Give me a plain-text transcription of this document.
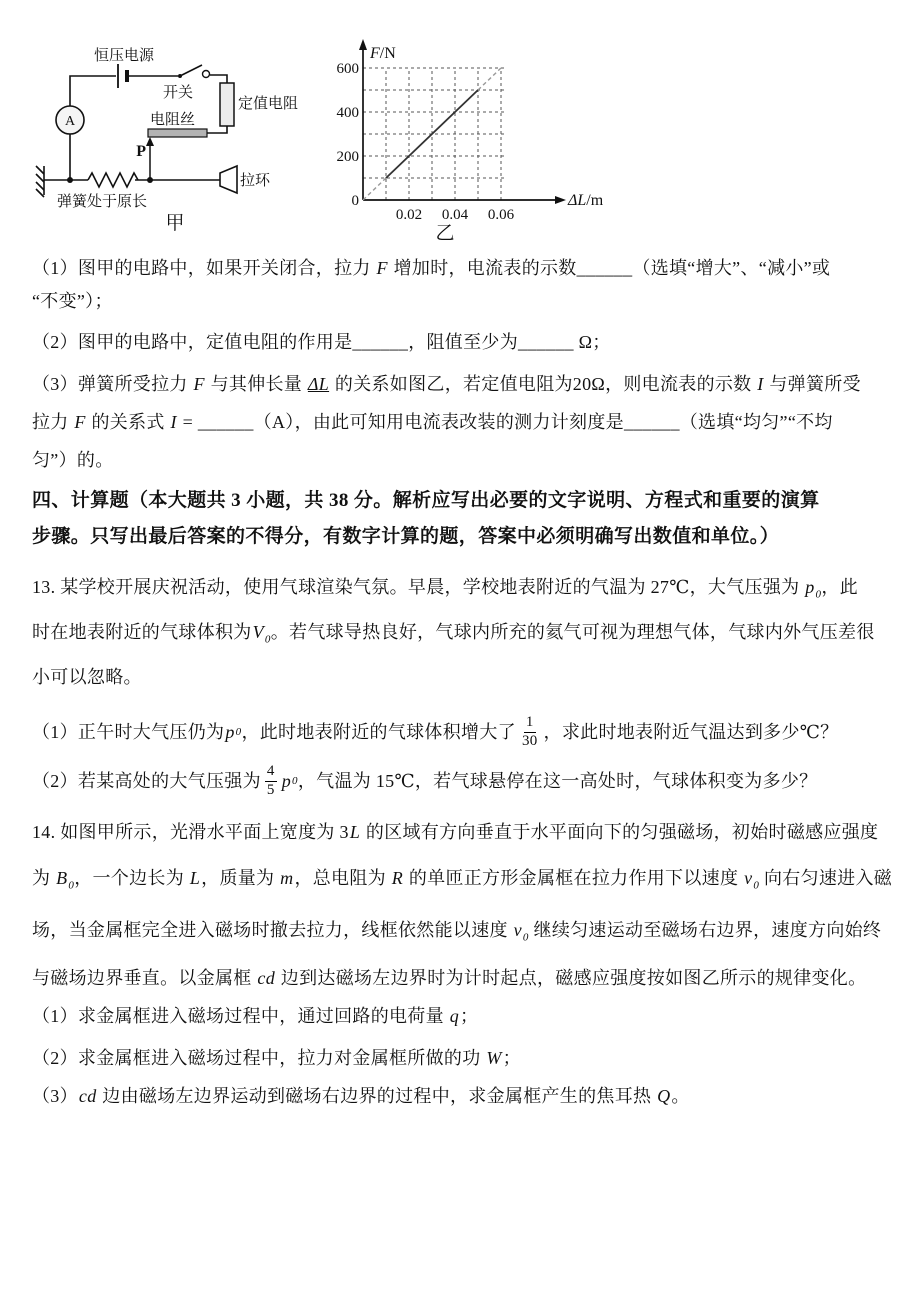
A
恒压电源
开关
定值电阻
电阻丝
P
弹簧处于原长
拉环
甲
F/N
ΔL/m
600
400
200
0
0.02 0.04 0.06
乙
（1）图甲的电路中，如果开关闭合，拉力 F 增加时，电流表的示数______（选填“增大”、“减小”或
“不变”）；
（2）图甲的电路中，定值电阻的作用是______，阻值至少为______ Ω；
（3）弹簧所受拉力 F 与其伸长量 ΔL 的关系如图乙，若定值电阻为20Ω，则电流表的示数 I 与弹簧所受
拉力 F 的关系式 I = ______（A），由此可知用电流表改装的测力计刻度是______（选填“均匀”“不均
匀”）的。
四、计算题（本大题共 3 小题，共 38 分。解析应写出必要的文字说明、方程式和重要的演算
步骤。只写出最后答案的不得分，有数字计算的题，答案中必须明确写出数值和单位。）
13. 某学校开展庆祝活动，使用气球渲染气氛。早晨，学校地表附近的气温为 27℃，大气压强为 $p_0$，此
时在地表附近的气球体积为$V_0$。若气球导热良好，气球内所充的氦气可视为理想气体，气球内外气压差很
小可以忽略。
（1）正午时大气压仍为 p 0 ，此时地表附近的气球体积增大了 $\frac{1}{30}$ ，求此时地表附近气温达到多少℃？
（2）若某高处的大气压强为 $\frac{4}{5}$ p 0 ，气温为 15℃，若气球悬停在这一高处时，气球体积变为多少？
14. 如图甲所示，光滑水平面上宽度为 3L 的区域有方向垂直于水平面向下的匀强磁场，初始时磁感应强度
为 $B_0$，一个边长为 L，质量为 m，总电阻为 R 的单匝正方形金属框在拉力作用下以速度 $v_0$ 向右匀速进入磁
场，当金属框完全进入磁场时撤去拉力，线框依然能以速度 $v_0$ 继续匀速运动至磁场右边界，速度方向始终
与磁场边界垂直。以金属框 cd 边到达磁场左边界时为计时起点，磁感应强度按如图乙所示的规律变化。
（1）求金属框进入磁场过程中，通过回路的电荷量 q；
（2）求金属框进入磁场过程中，拉力对金属框所做的功 W；
（3）cd 边由磁场左边界运动到磁场右边界的过程中，求金属框产生的焦耳热 Q。
